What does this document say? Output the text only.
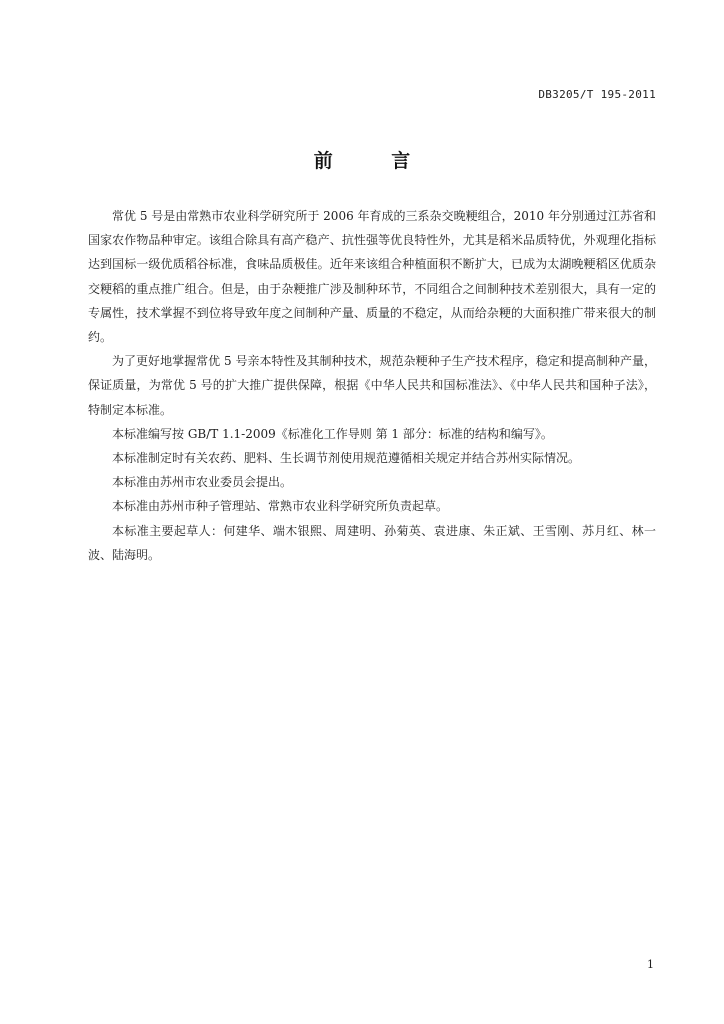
DB3205/T 195-2011
前 言

常优 5 号是由常熟市农业科学研究所于 2006 年育成的三系杂交晚粳组合，2010 年分别通过江苏省和国家农作物品种审定。该组合除具有高产稳产、抗性强等优良特性外，尤其是稻米品质特优，外观理化指标达到国标一级优质稻谷标准，食味品质极佳。近年来该组合种植面积不断扩大，已成为太湖晚粳稻区优质杂交粳稻的重点推广组合。但是，由于杂粳推广涉及制种环节，不同组合之间制种技术差别很大，具有一定的专属性，技术掌握不到位将导致年度之间制种产量、质量的不稳定，从而给杂粳的大面积推广带来很大的制约。

为了更好地掌握常优 5 号亲本特性及其制种技术，规范杂粳种子生产技术程序，稳定和提高制种产量，保证质量，为常优 5 号的扩大推广提供保障，根据《中华人民共和国标准法》、《中华人民共和国种子法》，特制定本标准。

本标准编写按 GB/T 1.1-2009《标准化工作导则 第 1 部分：标准的结构和编写》。

本标准制定时有关农药、肥料、生长调节剂使用规范遵循相关规定并结合苏州实际情况。

本标准由苏州市农业委员会提出。

本标准由苏州市种子管理站、常熟市农业科学研究所负责起草。

本标准主要起草人：何建华、端木银熙、周建明、孙菊英、袁进康、朱正斌、王雪刚、苏月红、林一波、陆海明。

1
